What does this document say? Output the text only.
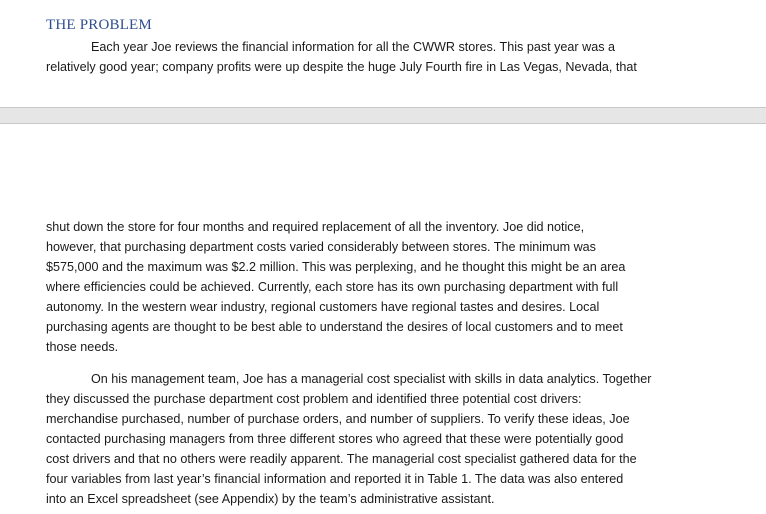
THE PROBLEM

Each year Joe reviews the financial information for all the CWWR stores. This past year was a
relatively good year; company profits were up despite the huge July Fourth fire in Las Vegas, Nevada, that

shut down the store for four months and required replacement of all the inventory. Joe did notice,
however, that purchasing department costs varied considerably between stores. The minimum was
$575,000 and the maximum was $2.2 million. This was perplexing, and he thought this might be an area
where efficiencies could be achieved. Currently, each store has its own purchasing department with full
autonomy. In the western wear industry, regional customers have regional tastes and desires. Local
purchasing agents are thought to be best able to understand the desires of local customers and to meet
those needs.

On his management team, Joe has a managerial cost specialist with skills in data analytics. Together
they discussed the purchase department cost problem and identified three potential cost drivers:
merchandise purchased, number of purchase orders, and number of suppliers. To verify these ideas, Joe
contacted purchasing managers from three different stores who agreed that these were potentially good
cost drivers and that no others were readily apparent. The managerial cost specialist gathered data for the
four variables from last year’s financial information and reported it in Table 1. The data was also entered
into an Excel spreadsheet (see Appendix) by the team’s administrative assistant.
